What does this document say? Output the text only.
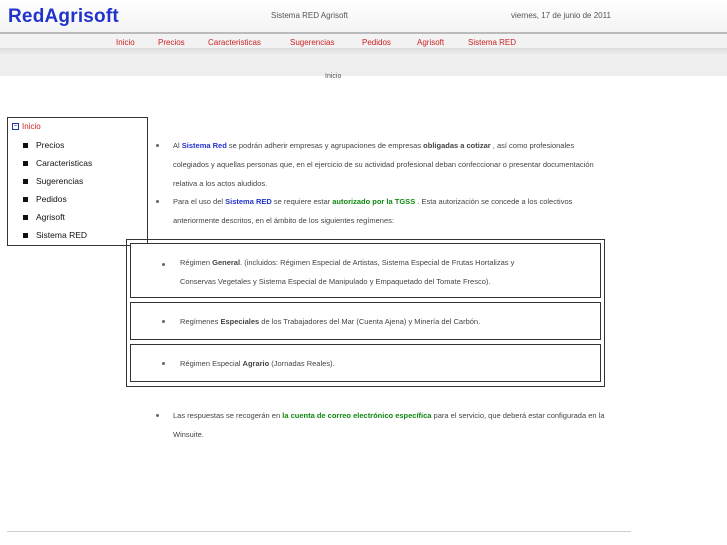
RedAgrisoft	Sistema RED Agrisoft	viernes, 17 de junio de 2011
Inicio	Precios	Caracteristicas	Sugerencias	Pedidos	Agrisoft	Sistema RED
Inicio
− Inicio
Precios
Caracteristicas
Sugerencias
Pedidos
Agrisoft
Sistema RED
Al Sistema Red se podrán adherir empresas y agrupaciones de empresas obligadas a cotizar , así como profesionales
colegiados y aquellas personas que, en el ejercicio de su actividad profesional deban confeccionar o presentar documentación
relativa a los actos aludidos.
Para el uso del Sistema RED se requiere estar autorizado por la TGSS . Esta autorización se concede a los colectivos
anteriormente descritos, en el ámbito de los siguientes regímenes:
Régimen General. (incluidos: Régimen Especial de Artistas, Sistema Especial de Frutas Hortalizas y
Conservas Vegetales y Sistema Especial de Manipulado y Empaquetado del Tomate Fresco).
Regímenes Especiales de los Trabajadores del Mar (Cuenta Ajena) y Minería del Carbón.
Régimen Especial Agrario (Jornadas Reales).
Las respuestas se recogerán en la cuenta de correo electrónico específica para el servicio, que deberá estar configurada en la
Winsuite.
